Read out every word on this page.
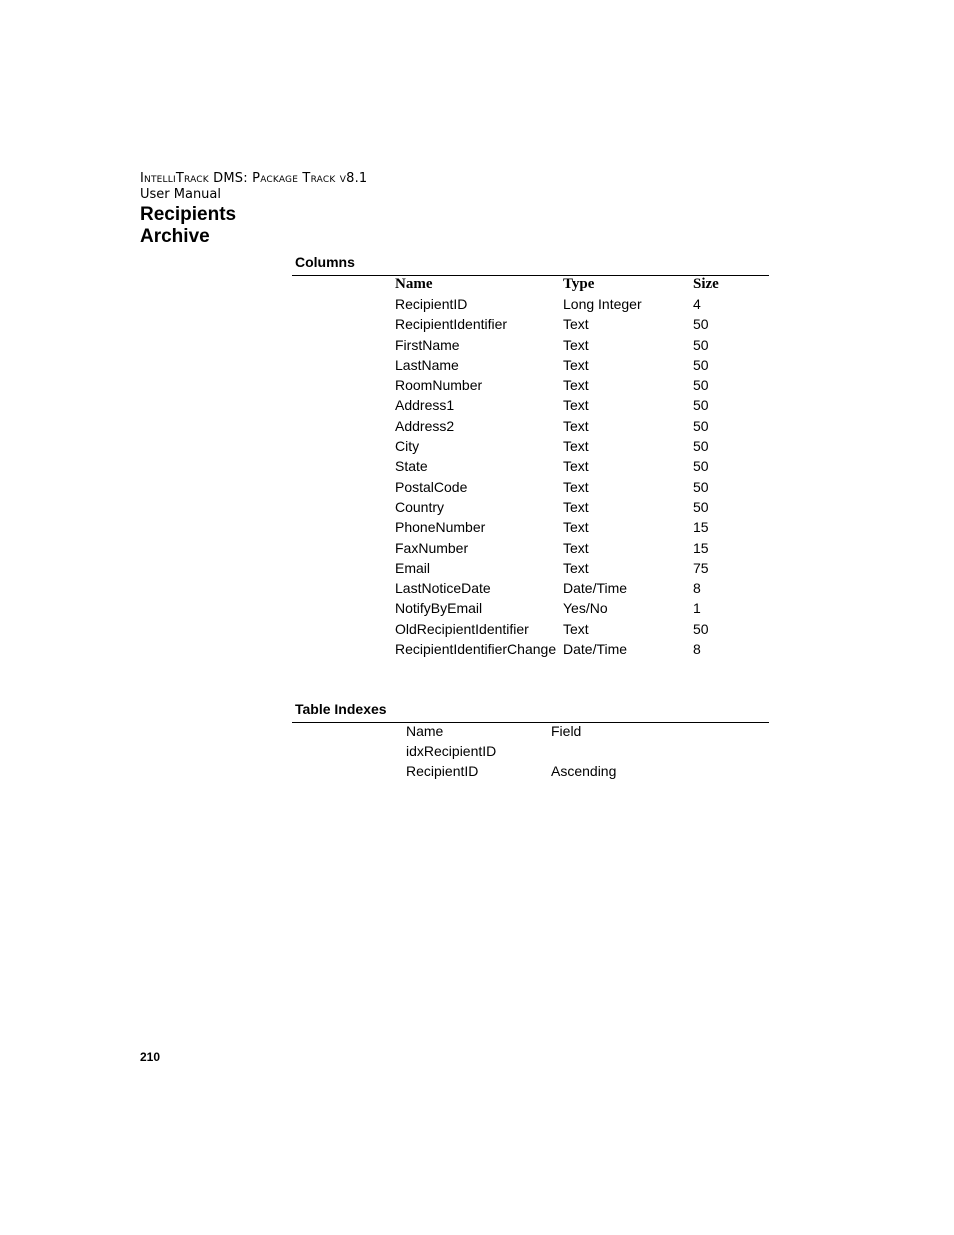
IntelliTrack DMS: Package Track v8.1
User Manual
Recipients
Archive
Columns
Name	Type	Size
RecipientID	Long Integer	4
RecipientIdentifier	Text	50
FirstName	Text	50
LastName	Text	50
RoomNumber	Text	50
Address1	Text	50
Address2	Text	50
City	Text	50
State	Text	50
PostalCode	Text	50
Country	Text	50
PhoneNumber	Text	15
FaxNumber	Text	15
Email	Text	75
LastNoticeDate	Date/Time	8
NotifyByEmail	Yes/No	1
OldRecipientIdentifier	Text	50
RecipientIdentifierChange	Date/Time	8
Table Indexes
Name	Field
idxRecipientID	
RecipientID	Ascending
210
